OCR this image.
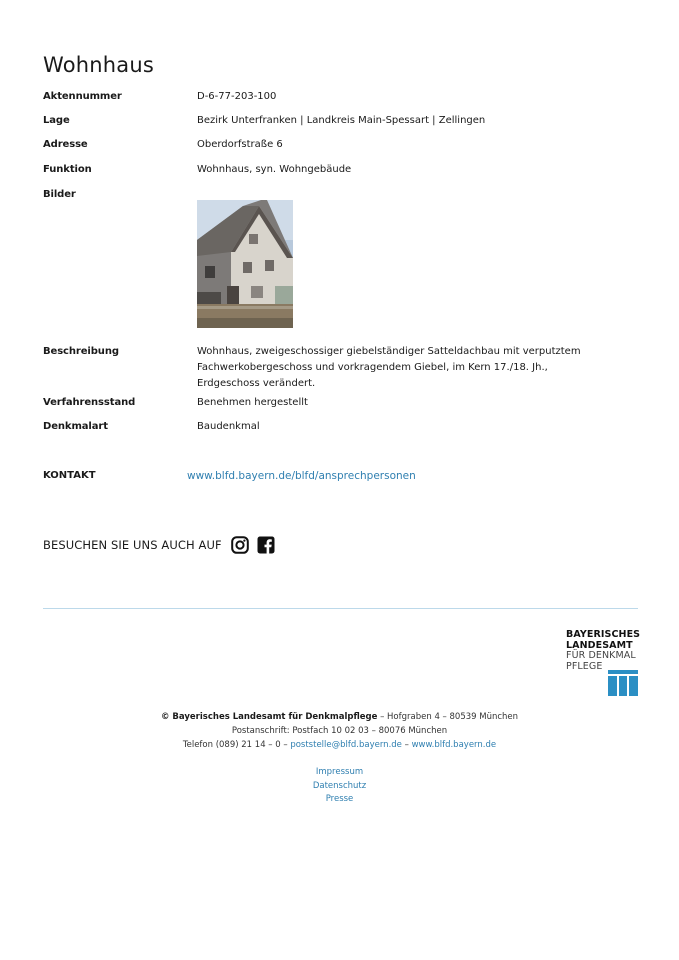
Wohnhaus
Aktennummer	D-6-77-203-100
Lage	Bezirk Unterfranken | Landkreis Main-Spessart | Zellingen
Adresse	Oberdorfstraße 6
Funktion	Wohnhaus, syn. Wohngebäude
Bilder
Beschreibung	Wohnhaus, zweigeschossiger giebelständiger Satteldachbau mit verputztem Fachwerkobergeschoss und vorkragendem Giebel, im Kern 17./18. Jh., Erdgeschoss verändert.
Verfahrensstand	Benehmen hergestellt
Denkmalart	Baudenkmal
KONTAKT	www.blfd.bayern.de/blfd/ansprechpersonen
BESUCHEN SIE UNS AUCH AUF
BAYERISCHES
LANDESAMT
FÜR DENKMAL
PFLEGE
© Bayerisches Landesamt für Denkmalpflege – Hofgraben 4 – 80539 München
Postanschrift: Postfach 10 02 03 – 80076 München
Telefon (089) 21 14 – 0 – poststelle@blfd.bayern.de – www.blfd.bayern.de
Impressum
Datenschutz
Presse
